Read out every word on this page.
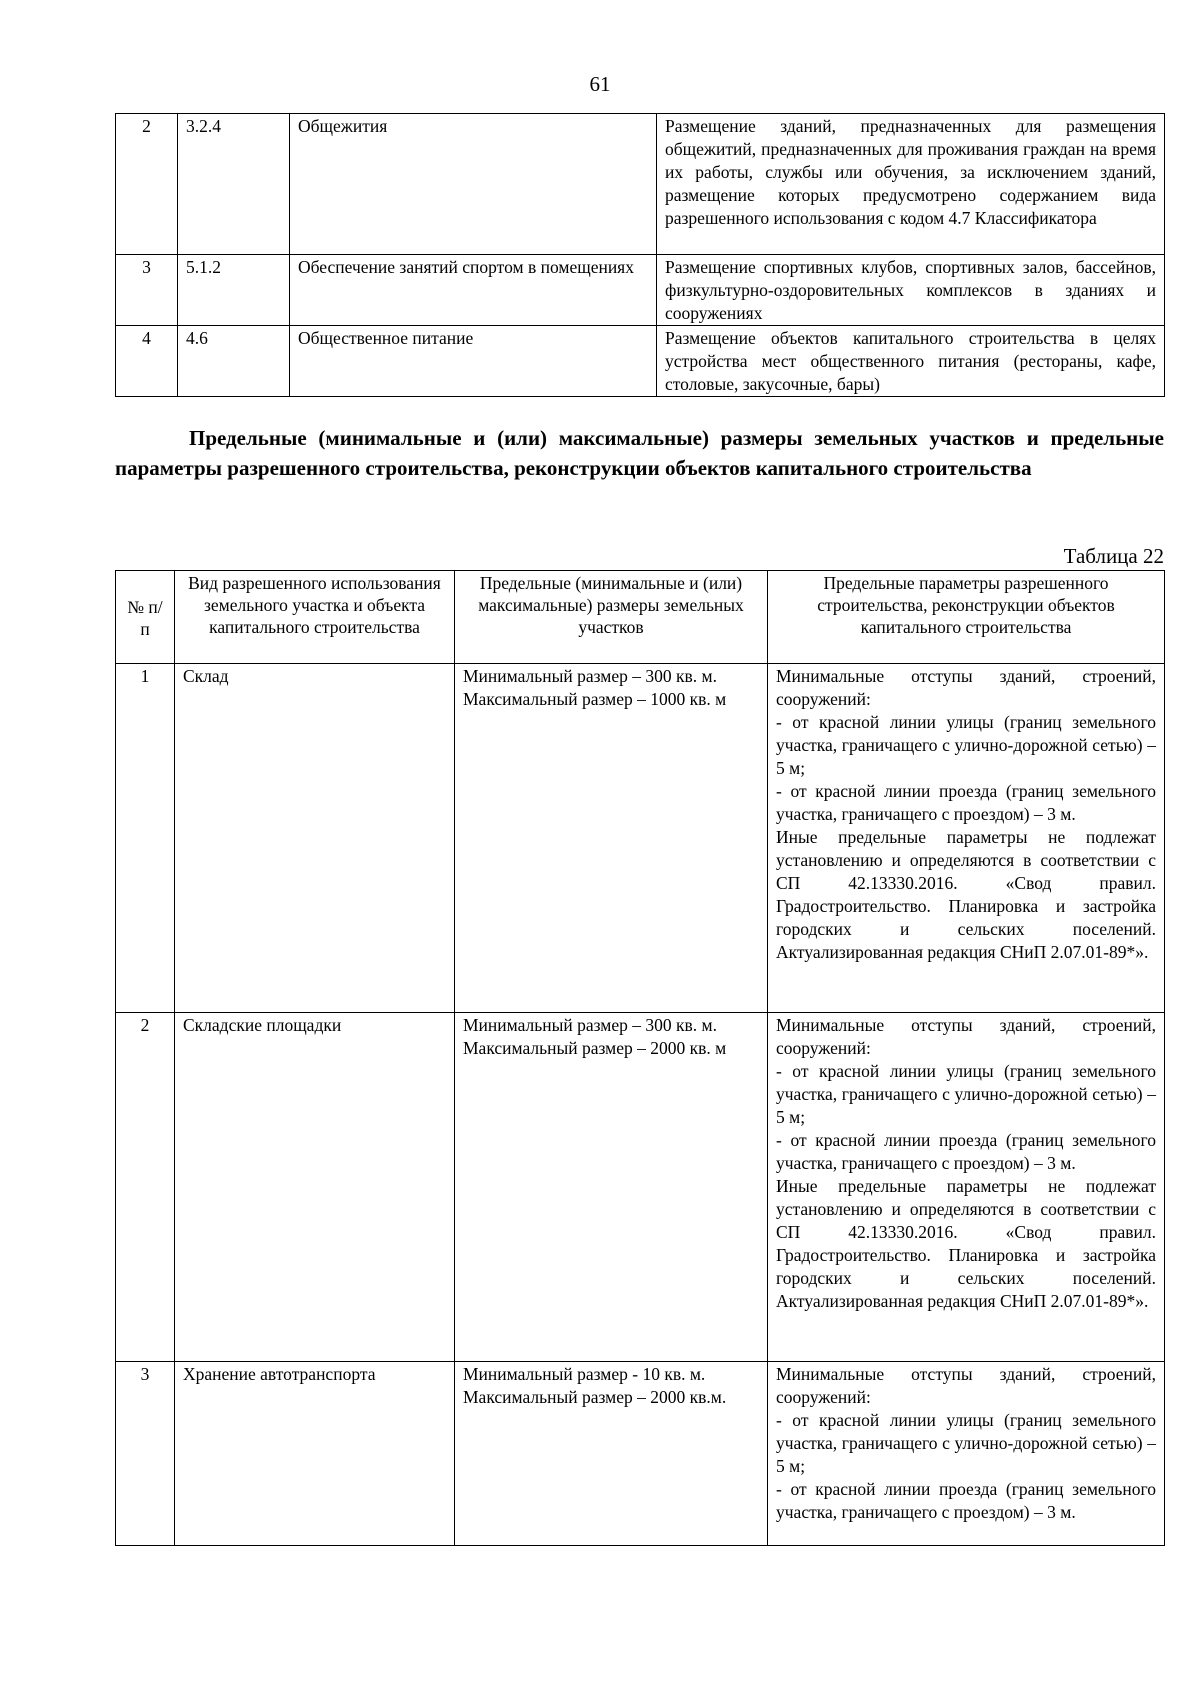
61
2	3.2.4	Общежития	Размещение зданий, предназначенных для размещения общежитий, предназначенных для проживания граждан на время их работы, службы или обучения, за исключением зданий, размещение которых предусмотрено содержанием вида разрешенного использования с кодом 4.7 Классификатора
3	5.1.2	Обеспечение занятий спортом в помещениях	Размещение спортивных клубов, спортивных залов, бассейнов, физкультурно-оздоровительных комплексов в зданиях и сооружениях
4	4.6	Общественное питание	Размещение объектов капитального строительства в целях устройства мест общественного питания (рестораны, кафе, столовые, закусочные, бары)
Предельные (минимальные и (или) максимальные) размеры земельных участков и предельные параметры разрешенного строительства, реконструкции объектов капитального строительства
Таблица 22
№ п/п	Вид разрешенного использования земельного участка и объекта капитального строительства	Предельные (минимальные и (или) максимальные) размеры земельных участков	Предельные параметры разрешенного строительства, реконструкции объектов капитального строительства
1	Склад	Минимальный размер – 300 кв. м.
Максимальный размер – 1000 кв. м	Минимальные отступы зданий, строений, сооружений:
- от красной линии улицы (границ земельного участка, граничащего с улично-дорожной сетью) – 5 м;
- от красной линии проезда (границ земельного участка, граничащего с проездом) – 3 м.
Иные предельные параметры не подлежат установлению и определяются в соответствии с СП 42.13330.2016. «Свод правил. Градостроительство. Планировка и застройка городских и сельских поселений. Актуализированная редакция СНиП 2.07.01-89*».

2	Складские площадки	Минимальный размер – 300 кв. м.
Максимальный размер – 2000 кв. м	Минимальные отступы зданий, строений, сооружений:
- от красной линии улицы (границ земельного участка, граничащего с улично-дорожной сетью) – 5 м;
- от красной линии проезда (границ земельного участка, граничащего с проездом) – 3 м.
Иные предельные параметры не подлежат установлению и определяются в соответствии с СП 42.13330.2016. «Свод правил. Градостроительство. Планировка и застройка городских и сельских поселений. Актуализированная редакция СНиП 2.07.01-89*».

3	Хранение автотранспорта	Минимальный размер - 10 кв. м.
Максимальный размер – 2000 кв.м.	Минимальные отступы зданий, строений, сооружений:
- от красной линии улицы (границ земельного участка, граничащего с улично-дорожной сетью) – 5 м;
- от красной линии проезда (границ земельного участка, граничащего с проездом) – 3 м.
